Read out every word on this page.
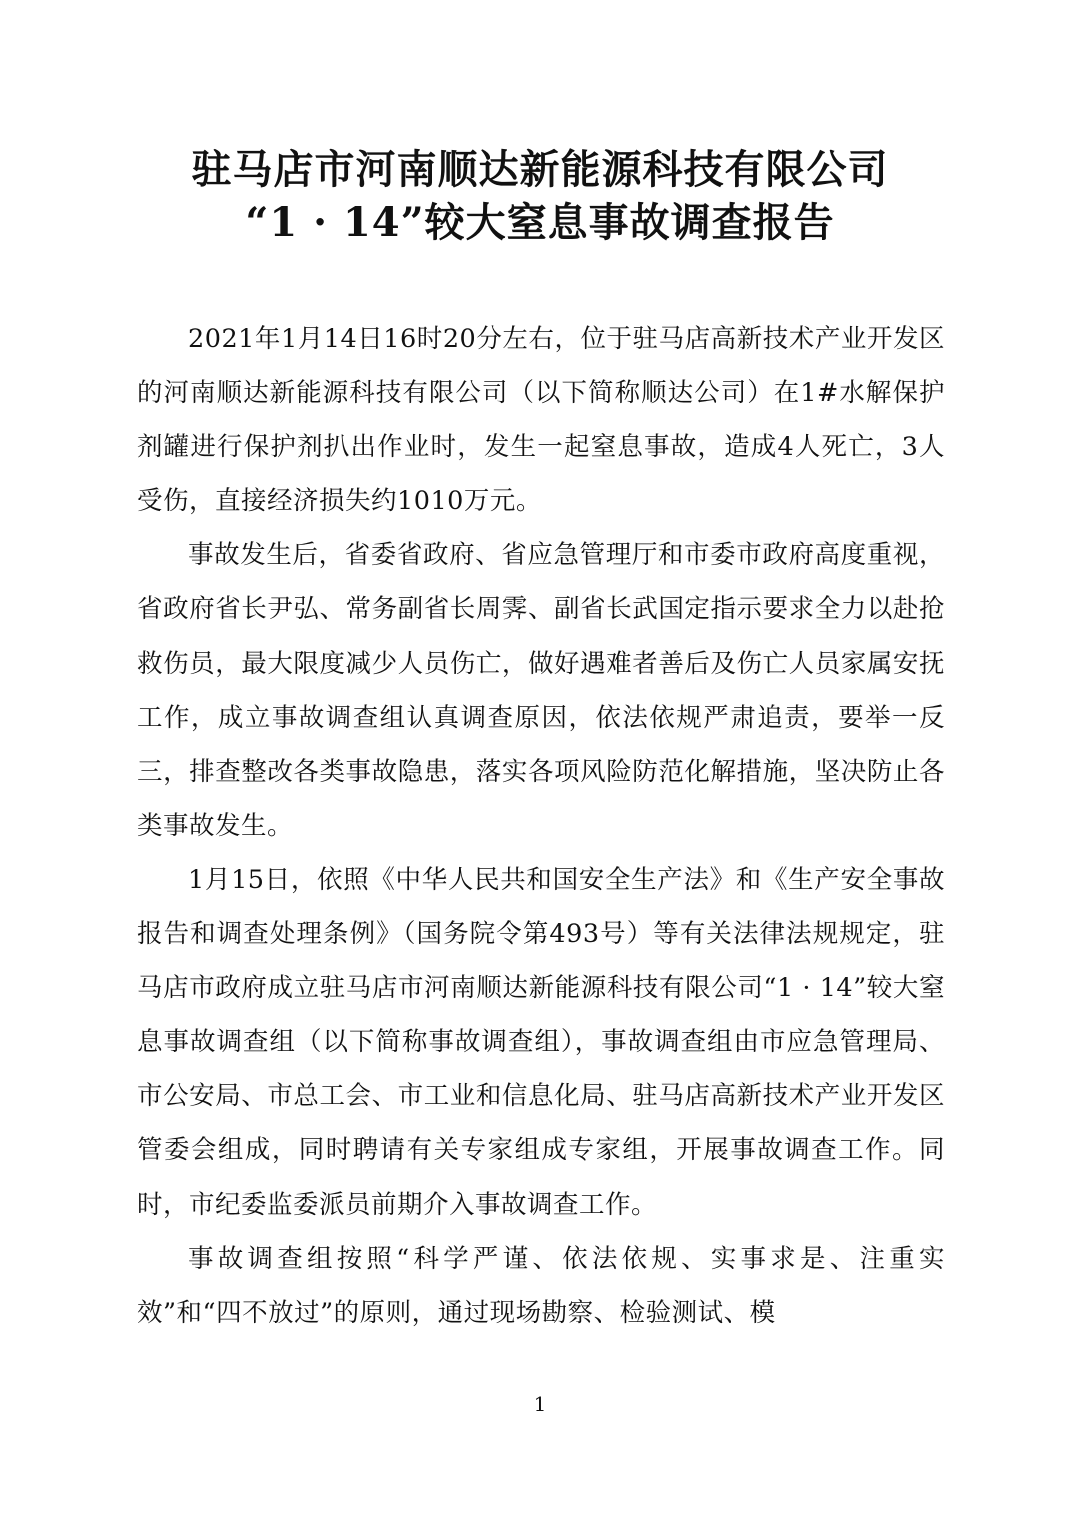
驻马店市河南顺达新能源科技有限公司
“1 · 14”较大窒息事故调查报告

2021年1月14日16时20分左右，位于驻马店高新技术产业开发区的河南顺达新能源科技有限公司（以下简称顺达公司）在1#水解保护剂罐进行保护剂扒出作业时，发生一起窒息事故，造成4人死亡，3人受伤，直接经济损失约1010万元。

事故发生后，省委省政府、省应急管理厅和市委市政府高度重视，省政府省长尹弘、常务副省长周霁、副省长武国定指示要求全力以赴抢救伤员，最大限度减少人员伤亡，做好遇难者善后及伤亡人员家属安抚工作，成立事故调查组认真调查原因，依法依规严肃追责，要举一反三，排查整改各类事故隐患，落实各项风险防范化解措施，坚决防止各类事故发生。

1月15日，依照《中华人民共和国安全生产法》和《生产安全事故报告和调查处理条例》（国务院令第493号）等有关法律法规规定，驻马店市政府成立驻马店市河南顺达新能源科技有限公司“1 · 14”较大窒息事故调查组（以下简称事故调查组），事故调查组由市应急管理局、市公安局、市总工会、市工业和信息化局、驻马店高新技术产业开发区管委会组成，同时聘请有关专家组成专家组，开展事故调查工作。同时，市纪委监委派员前期介入事故调查工作。

事故调查组按照“科学严谨、依法依规、实事求是、注重实效”和“四不放过”的原则，通过现场勘察、检验测试、模

1
